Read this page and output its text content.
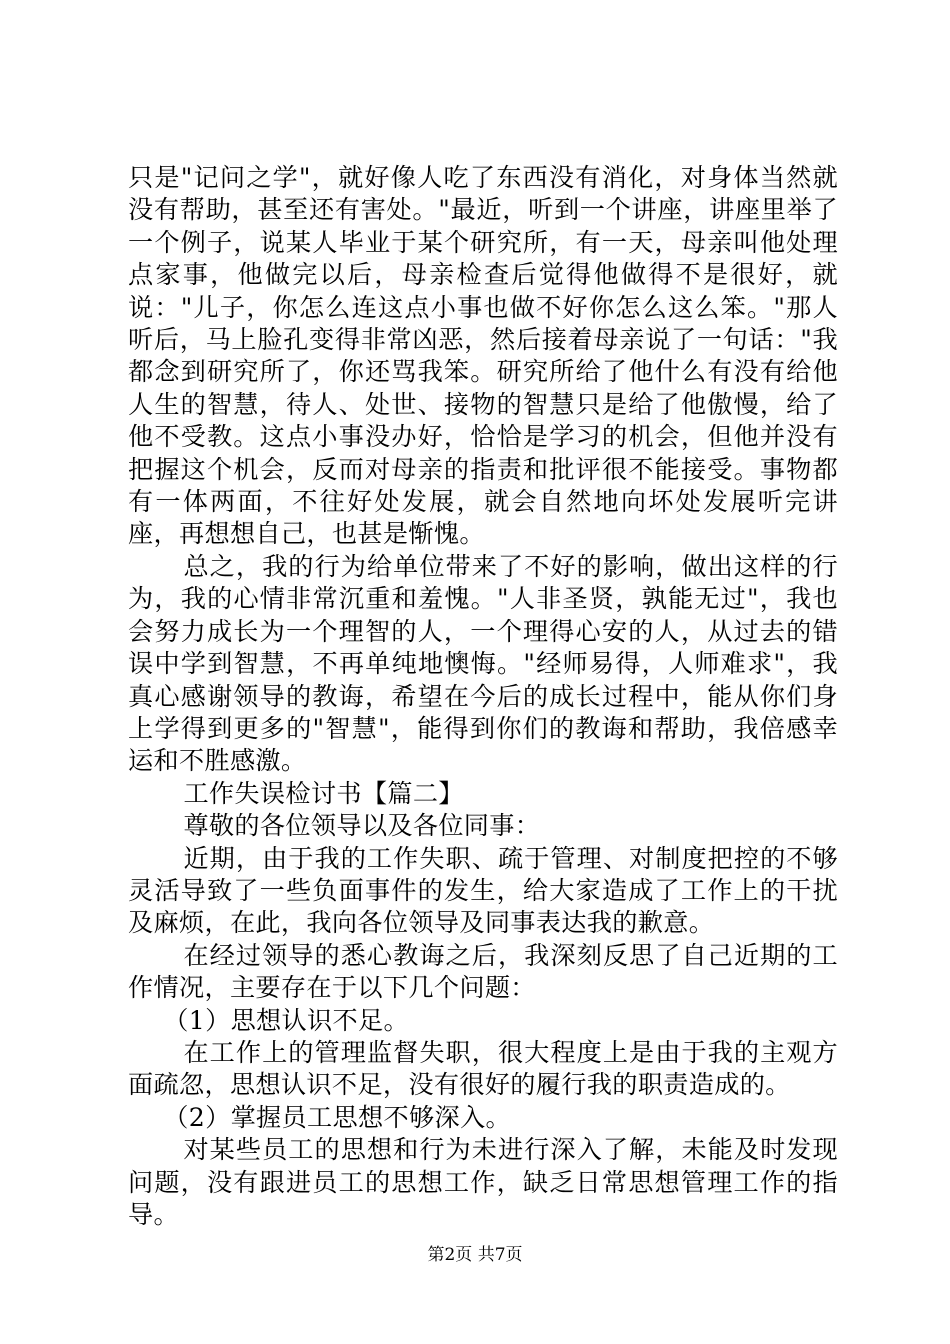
只是"记问之学"，就好像人吃了东西没有消化，对身体当然就没有帮助，甚至还有害处。"最近，听到一个讲座，讲座里举了一个例子，说某人毕业于某个研究所，有一天，母亲叫他处理点家事，他做完以后，母亲检查后觉得他做得不是很好，就说："儿子，你怎么连这点小事也做不好你怎么这么笨。"那人听后，马上脸孔变得非常凶恶，然后接着母亲说了一句话："我都念到研究所了，你还骂我笨。研究所给了他什么有没有给他人生的智慧，待人、处世、接物的智慧只是给了他傲慢，给了他不受教。这点小事没办好，恰恰是学习的机会，但他并没有把握这个机会，反而对母亲的指责和批评很不能接受。事物都有一体两面，不往好处发展，就会自然地向坏处发展听完讲座，再想想自己，也甚是惭愧。

总之，我的行为给单位带来了不好的影响，做出这样的行为，我的心情非常沉重和羞愧。"人非圣贤，孰能无过"，我也会努力成长为一个理智的人，一个理得心安的人，从过去的错误中学到智慧，不再单纯地懊悔。"经师易得，人师难求"，我真心感谢领导的教诲，希望在今后的成长过程中，能从你们身上学得到更多的"智慧"，能得到你们的教诲和帮助，我倍感幸运和不胜感激。

工作失误检讨书【篇二】

尊敬的各位领导以及各位同事：

近期，由于我的工作失职、疏于管理、对制度把控的不够灵活导致了一些负面事件的发生，给大家造成了工作上的干扰及麻烦，在此，我向各位领导及同事表达我的歉意。

在经过领导的悉心教诲之后，我深刻反思了自己近期的工作情况，主要存在于以下几个问题：

（1）思想认识不足。

在工作上的管理监督失职，很大程度上是由于我的主观方面疏忽，思想认识不足，没有很好的履行我的职责造成的。

（2）掌握员工思想不够深入。

对某些员工的思想和行为未进行深入了解，未能及时发现问题，没有跟进员工的思想工作，缺乏日常思想管理工作的指导。

第2页 共7页
